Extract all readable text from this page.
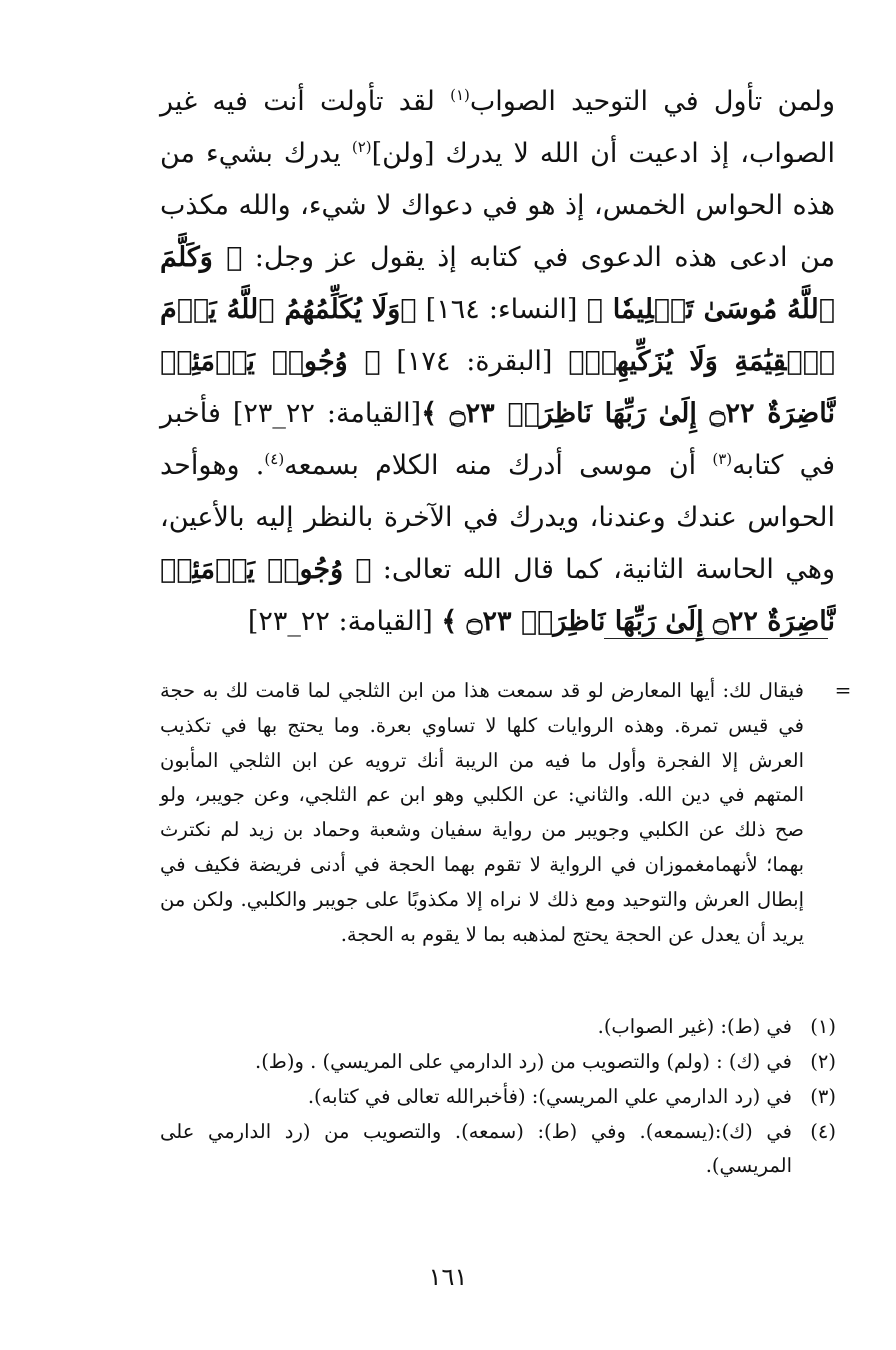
ولمن تأول في التوحيد الصواب$^{(١)}$ لقد تأولت أنت فيه غير الصواب، إذ ادعيت أن الله لا يدرك [ولن]$^{(٢)}$ يدرك بشيء من هذه الحواس الخمس، إذ هو في دعواك لا شيء، والله مكذب من ادعى هذه الدعوى في كتابه إذ يقول عز وجل: ﴿ وَكَلَّمَ ٱللَّهُ مُوسَىٰ تَكۡلِيمٗا ﴾ [النساء: ١٦٤] ﴿وَلَا يُكَلِّمُهُمُ ٱللَّهُ يَوۡمَ ٱلۡقِيَٰمَةِ وَلَا يُزَكِّيهِمۡ﴾ [البقرة: ١٧٤] ﴿ وُجُوهٞ يَوۡمَئِذٖ نَّاضِرَةٌ ۝٢٢ إِلَىٰ رَبِّهَا نَاظِرَةٞ ۝٢٣ ﴾[القيامة: ٢٢_٢٣] فأخبر في كتابه$^{(٣)}$ أن موسى أدرك منه الكلام بسمعه$^{(٤)}$. وهوأحد الحواس عندك وعندنا، ويدرك في الآخرة بالنظر إليه بالأعين، وهي الحاسة الثانية، كما قال الله تعالى: ﴿ وُجُوهٞ يَوۡمَئِذٖ نَّاضِرَةٌ ۝٢٢ إِلَىٰ رَبِّهَا نَاظِرَةٞ ۝٢٣ ﴾ [القيامة: ٢٢_٢٣]

=

فيقال لك: أيها المعارض لو قد سمعت هذا من ابن الثلجي لما قامت لك به حجة في قيس تمرة. وهذه الروايات كلها لا تساوي بعرة. وما يحتج بها في تكذيب العرش إلا الفجرة وأول ما فيه من الريبة أنك ترويه عن ابن الثلجي المأبون المتهم في دين الله. والثاني: عن الكلبي وهو ابن عم الثلجي، وعن جويبر، ولو صح ذلك عن الكلبي وجويبر من رواية سفيان وشعبة وحماد بن زيد لم نكترث بهما؛ لأنهمامغموزان في الرواية لا تقوم بهما الحجة في أدنى فريضة فكيف في إبطال العرش والتوحيد ومع ذلك لا نراه إلا مكذوبًا على جويبر والكلبي. ولكن من يريد أن يعدل عن الحجة يحتج لمذهبه بما لا يقوم به الحجة.

(١)
في (ط): (غير الصواب).
(٢)
في (ك) : (ولم) والتصويب من (رد الدارمي على المريسي) . و(ط).
(٣)
في (رد الدارمي علي المريسي): (فأخبرالله تعالى في كتابه).
(٤)
في (ك):(يسمعه). وفي (ط): (سمعه). والتصويب من (رد الدارمي على المريسي).
١٦١
